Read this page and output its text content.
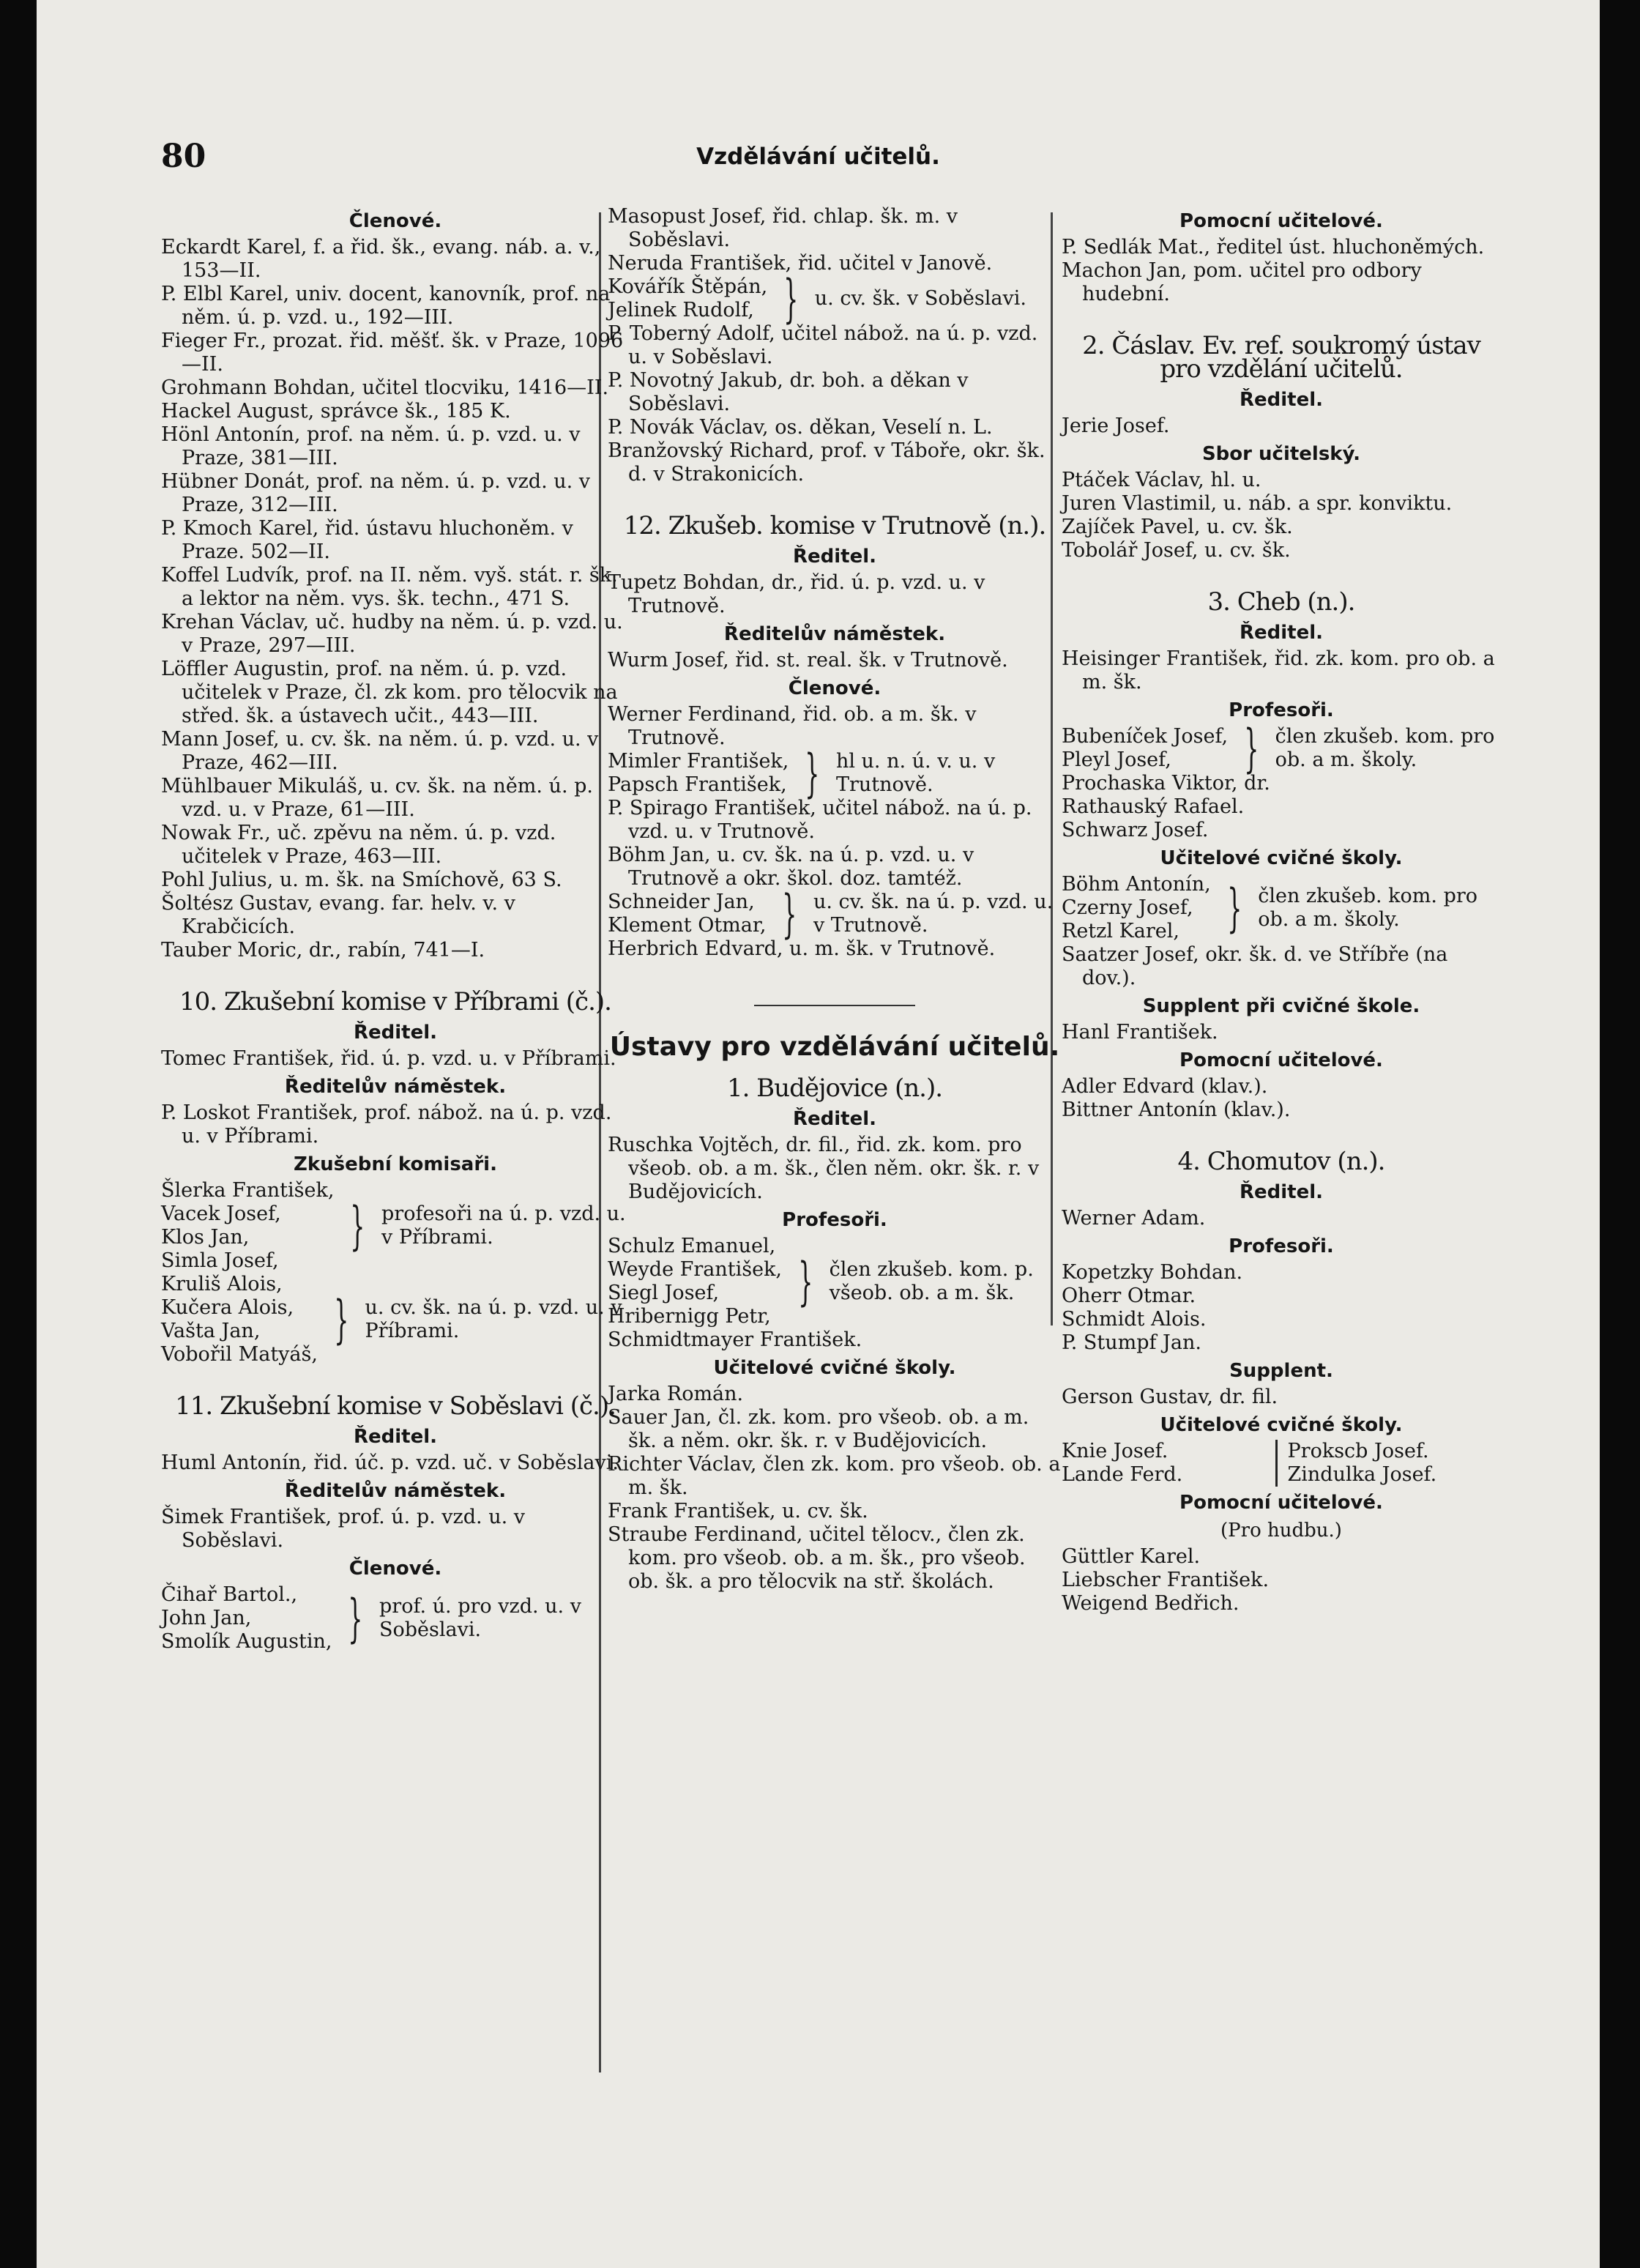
80	Vzdělávání učitelů.
Členové.

Eckardt Karel, f. a řid. šk., evang. náb. a. v., 153—II.

P. Elbl Karel, univ. docent, kanovník, prof. na něm. ú. p. vzd. u., 192—III.

Fieger Fr., prozat. řid. měšť. šk. v Praze, 1096—II.

Grohmann Bohdan, učitel tlocviku, 1416—II.

Hackel August, správce šk., 185 K.

Hönl Antonín, prof. na něm. ú. p. vzd. u. v Praze, 381—III.

Hübner Donát, prof. na něm. ú. p. vzd. u. v Praze, 312—III.

P. Kmoch Karel, řid. ústavu hluchoněm. v Praze. 502—II.

Koffel Ludvík, prof. na II. něm. vyš. stát. r. šk. a lektor na něm. vys. šk. techn., 471 S.

Krehan Václav, uč. hudby na něm. ú. p. vzd. u. v Praze, 297—III.

Löffler Augustin, prof. na něm. ú. p. vzd. učitelek v Praze, čl. zk kom. pro tělocvik na střed. šk. a ústavech učit., 443—III.

Mann Josef, u. cv. šk. na něm. ú. p. vzd. u. v Praze, 462—III.

Mühlbauer Mikuláš, u. cv. šk. na něm. ú. p. vzd. u. v Praze, 61—III.

Nowak Fr., uč. zpěvu na něm. ú. p. vzd. učitelek v Praze, 463—III.

Pohl Julius, u. m. šk. na Smíchově, 63 S.

Šoltész Gustav, evang. far. helv. v. v Krabčicích.

Tauber Moric, dr., rabín, 741—I.

10. Zkušební komise v Příbrami (č.).
Ředitel.

Tomec František, řid. ú. p. vzd. u. v Příbrami.

Ředitelův náměstek.

P. Loskot František, prof. nábož. na ú. p. vzd. u. v Příbrami.

Zkušební komisaři.
Šlerka František,
Vacek Josef,
Klos Jan,
Simla Josef,
} profesoři na ú. p. vzd. u. v Příbrami.
Kruliš Alois,
Kučera Alois,
Vašta Jan,
Vobořil Matyáš,
} u. cv. šk. na ú. p. vzd. u. v Příbrami.
11. Zkušební komise v Soběslavi (č.).
Ředitel.

Huml Antonín, řid. úč. p. vzd. uč. v Soběslavi.

Ředitelův náměstek.

Šimek František, prof. ú. p. vzd. u. v Soběslavi.

Členové.
Čihař Bartol.,
John Jan,
Smolík Augustin, } prof. ú. pro vzd. u. v Soběslavi.

Masopust Josef, řid. chlap. šk. m. v Soběslavi.

Neruda František, řid. učitel v Janově.

Kovářík Štěpán,
Jelinek Rudolf, } u. cv. šk. v Soběslavi.

P. Toberný Adolf, učitel nábož. na ú. p. vzd. u. v Soběslavi.

P. Novotný Jakub, dr. boh. a děkan v Soběslavi.

P. Novák Václav, os. děkan, Veselí n. L.

Branžovský Richard, prof. v Táboře, okr. šk. d. v Strakonicích.

12. Zkušeb. komise v Trutnově (n.).
Ředitel.

Tupetz Bohdan, dr., řid. ú. p. vzd. u. v Trutnově.

Ředitelův náměstek.

Wurm Josef, řid. st. real. šk. v Trutnově.

Členové.

Werner Ferdinand, řid. ob. a m. šk. v Trutnově.

Mimler František,
Papsch František, } hl u. n. ú. v. u. v Trutnově.

P. Spirago František, učitel nábož. na ú. p. vzd. u. v Trutnově.

Böhm Jan, u. cv. šk. na ú. p. vzd. u. v Trutnově a okr. škol. doz. tamtéž.

Schneider Jan,
Klement Otmar, } u. cv. šk. na ú. p. vzd. u. v Trutnově.

Herbrich Edvard, u. m. šk. v Trutnově.

Ústavy pro vzdělávání učitelů.
1. Budějovice (n.).
Ředitel.

Ruschka Vojtěch, dr. fil., řid. zk. kom. pro všeob. ob. a m. šk., člen něm. okr. šk. r. v Budějovicích.

Profesoři.
Schulz Emanuel,
Weyde František,
Siegl Josef,
Hribernigg Petr,
} člen zkušeb. kom. p. všeob. ob. a m. šk.

Schmidtmayer František.

Učitelové cvičné školy.

Jarka Román.

Sauer Jan, čl. zk. kom. pro všeob. ob. a m. šk. a něm. okr. šk. r. v Budějovicích.

Richter Václav, člen zk. kom. pro všeob. ob. a m. šk.

Frank František, u. cv. šk.

Straube Ferdinand, učitel tělocv., člen zk. kom. pro všeob. ob. a m. šk., pro všeob. ob. šk. a pro tělocvik na stř. školách.

Pomocní učitelové.

P. Sedlák Mat., ředitel úst. hluchoněmých.

Machon Jan, pom. učitel pro odbory hudební.

2. Čáslav. Ev. ref. soukromý ústav pro vzdělání učitelů.
Ředitel.

Jerie Josef.

Sbor učitelský.

Ptáček Václav, hl. u.

Juren Vlastimil, u. náb. a spr. konviktu.

Zajíček Pavel, u. cv. šk.

Tobolář Josef, u. cv. šk.

3. Cheb (n.).
Ředitel.

Heisinger František, řid. zk. kom. pro ob. a m. šk.

Profesoři.
Bubeníček Josef,
Pleyl Josef,	} člen zkušeb. kom. pro ob. a m. školy.

Prochaska Viktor, dr.

Rathauský Rafael.

Schwarz Josef.

Učitelové cvičné školy.
Böhm Antonín,
Czerny Josef,
Retzl Karel, } člen zkušeb. kom. pro ob. a m. školy.

Saatzer Josef, okr. šk. d. ve Stříbře (na dov.).

Supplent při cvičné škole.

Hanl František.

Pomocní učitelové.

Adler Edvard (klav.).

Bittner Antonín (klav.).

4. Chomutov (n.).
Ředitel.

Werner Adam.

Profesoři.

Kopetzky Bohdan.

Oherr Otmar.

Schmidt Alois.

P. Stumpf Jan.

Supplent.

Gerson Gustav, dr. fil.

Učitelové cvičné školy.
Knie Josef.
Lande Ferd.
Prokscb Josef.
Zindulka Josef.
Pomocní učitelové.
(Pro hudbu.)

Güttler Karel.

Liebscher František.

Weigend Bedřich.
